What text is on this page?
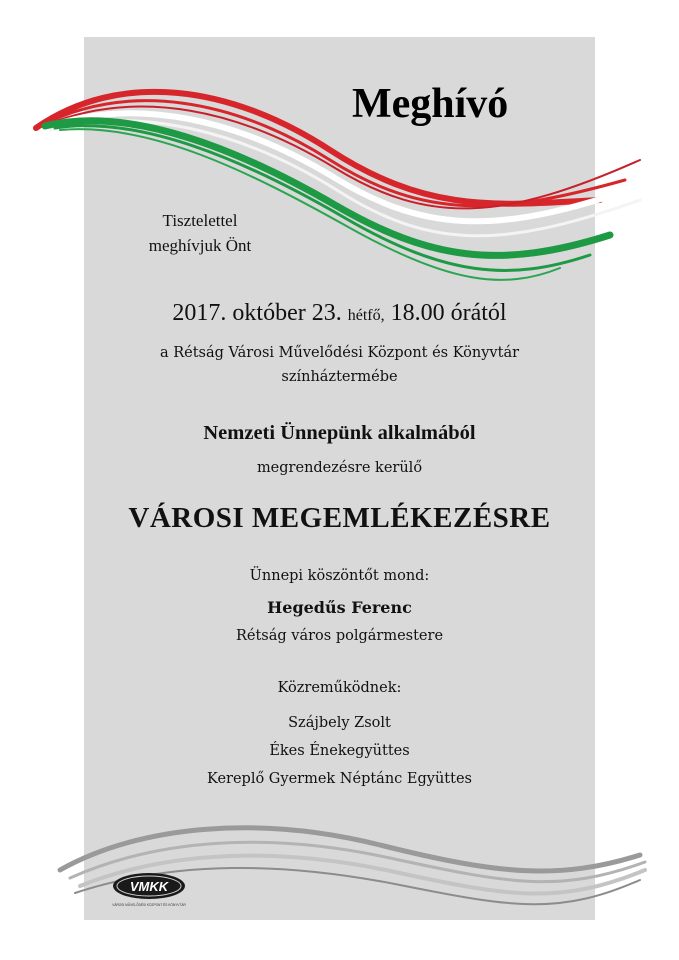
Meghívó
Tisztelettel
meghívjuk Önt
2017. október 23. hétfő, 18.00 órától
a Rétság Városi Művelődési Központ és Könyvtár
színháztermébe
Nemzeti Ünnepünk alkalmából
megrendezésre kerülő
VÁROSI MEGEMLÉKEZÉSRE
Ünnepi köszöntőt mond:
Hegedűs Ferenc
Rétság város polgármestere
Közreműködnek:
Szájbely Zsolt
Ékes Énekegyüttes
Kereplő Gyermek Néptánc Együttes
VMKK
VÁROSI MŰVELŐDÉSI KÖZPONT ÉS KÖNYVTÁR
